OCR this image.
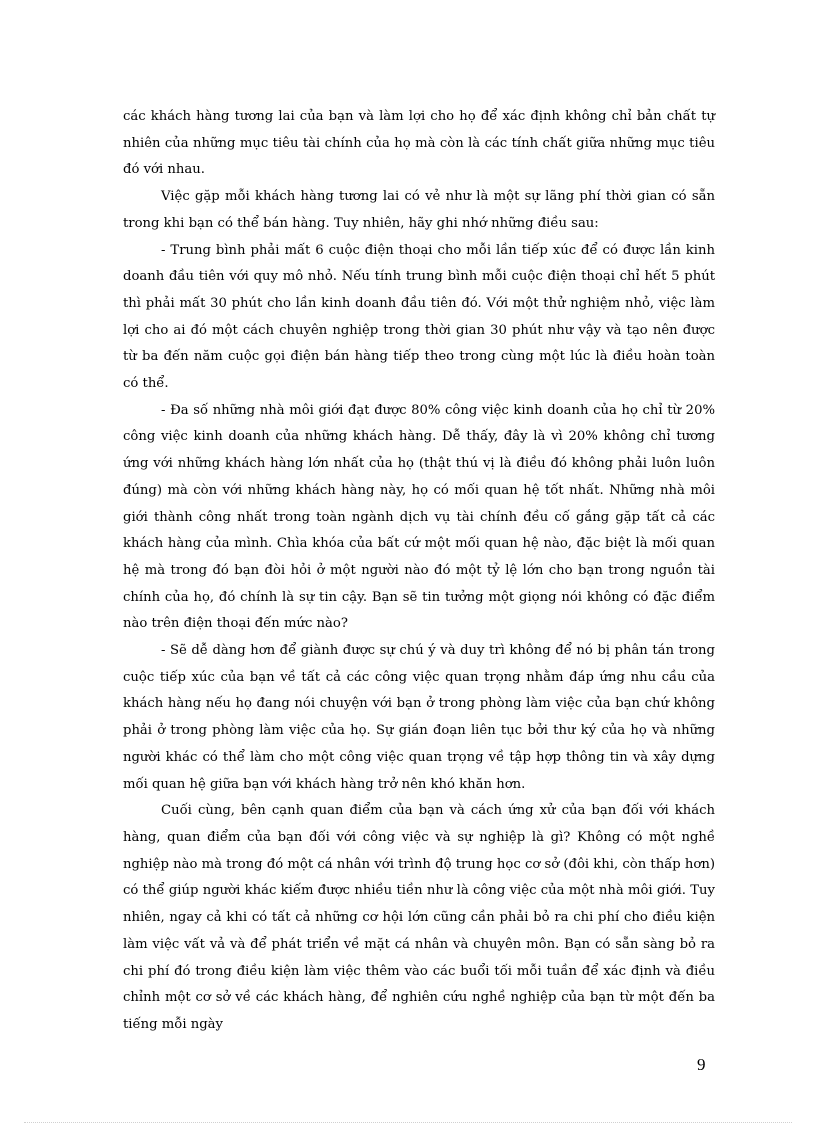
các khách hàng tương lai của bạn và làm lợi cho họ để xác định không chỉ bản chất tự nhiên của những mục tiêu tài chính của họ mà còn là các tính chất giữa những mục tiêu đó với nhau.

Việc gặp mỗi khách hàng tương lai có vẻ như là một sự lãng phí thời gian có sẵn trong khi bạn có thể bán hàng. Tuy nhiên, hãy ghi nhớ những điều sau:

- Trung bình phải mất 6 cuộc điện thoại cho mỗi lần tiếp xúc để có được lần kinh doanh đầu tiên với quy mô nhỏ. Nếu tính trung bình mỗi cuộc điện thoại chỉ hết 5 phút thì phải mất 30 phút cho lần kinh doanh đầu tiên đó. Với một thử nghiệm nhỏ, việc làm lợi cho ai đó một cách chuyên nghiệp trong thời gian 30 phút như vậy và tạo nên được từ ba đến năm cuộc gọi điện bán hàng tiếp theo trong cùng một lúc là điều hoàn toàn có thể.

- Đa số những nhà môi giới đạt được 80% công việc kinh doanh của họ chỉ từ 20% công việc kinh doanh của những khách hàng. Dễ thấy, đây là vì 20% không chỉ tương ứng với những khách hàng lớn nhất của họ (thật thú vị là điều đó không phải luôn luôn đúng) mà còn với những khách hàng này, họ có mối quan hệ tốt nhất. Những nhà môi giới thành công nhất trong toàn ngành dịch vụ tài chính đều cố gắng gặp tất cả các khách hàng của mình. Chìa khóa của bất cứ một mối quan hệ nào, đặc biệt là mối quan hệ mà trong đó bạn đòi hỏi ở một người nào đó một tỷ lệ lớn cho bạn trong nguồn tài chính của họ, đó chính là sự tin cậy. Bạn sẽ tin tưởng một giọng nói không có đặc điểm nào trên điện thoại đến mức nào?

- Sẽ dễ dàng hơn để giành được sự chú ý và duy trì không để nó bị phân tán trong cuộc tiếp xúc của bạn về tất cả các công việc quan trọng nhằm đáp ứng nhu cầu của khách hàng nếu họ đang nói chuyện với bạn ở trong phòng làm việc của bạn chứ không phải ở trong phòng làm việc của họ. Sự gián đoạn liên tục bởi thư ký của họ và những người khác có thể làm cho một công việc quan trọng về tập hợp thông tin và xây dựng mối quan hệ giữa bạn với khách hàng trở nên khó khăn hơn.

Cuối cùng, bên cạnh quan điểm của bạn và cách ứng xử của bạn đối với khách hàng, quan điểm của bạn đối với công việc và sự nghiệp là gì? Không có một nghề nghiệp nào mà trong đó một cá nhân với trình độ trung học cơ sở (đôi khi, còn thấp hơn) có thể giúp người khác kiếm được nhiều tiền như là công việc của một nhà môi giới. Tuy nhiên, ngay cả khi có tất cả những cơ hội lớn cũng cần phải bỏ ra chi phí cho điều kiện làm việc vất vả và để phát triển về mặt cá nhân và chuyên môn. Bạn có sẵn sàng bỏ ra chi phí đó trong điều kiện làm việc thêm vào các buổi tối mỗi tuần để xác định và điều chỉnh một cơ sở về các khách hàng, để nghiên cứu nghề nghiệp của bạn từ một đến ba tiếng mỗi ngày

9
